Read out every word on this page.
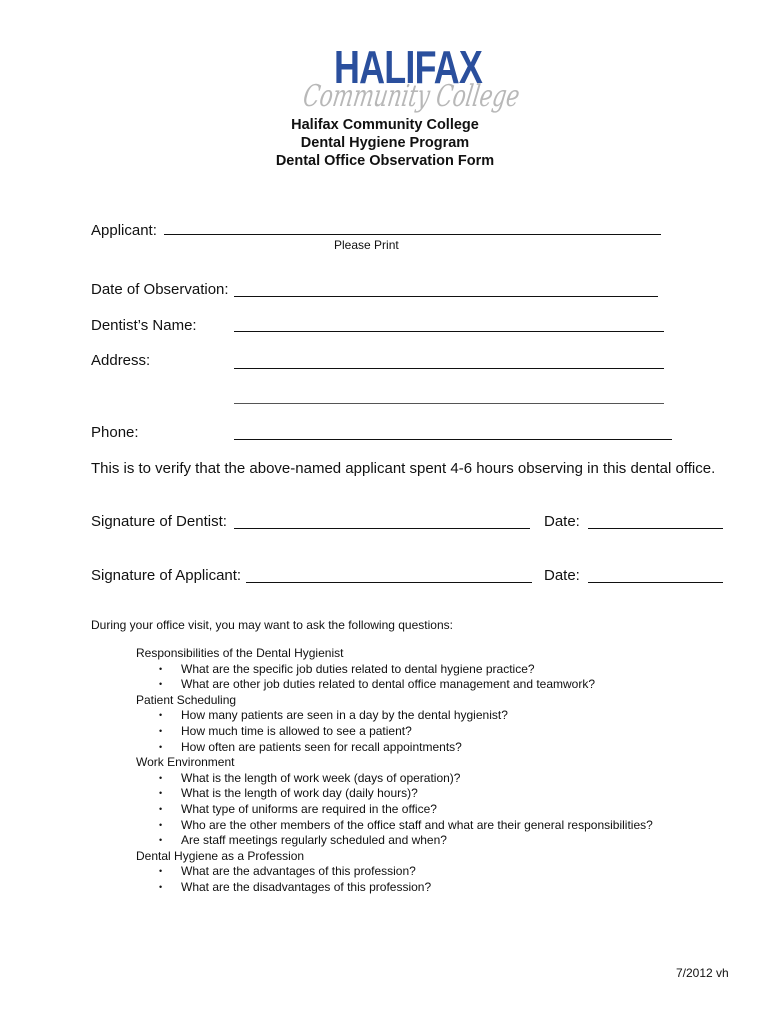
HALIFAX
Community College
Halifax Community College
Dental Hygiene Program
Dental Office Observation Form
Applicant:
Please Print
Date of Observation:
Dentist’s Name:
Address:
Phone:
This is to verify that the above-named applicant spent 4-6 hours observing in this dental office.
Signature of Dentist:	Date:
Signature of Applicant:	Date:
During your office visit, you may want to ask the following questions:
Responsibilities of the Dental Hygienist
• What are the specific job duties related to dental hygiene practice?
• What are other job duties related to dental office management and teamwork?
Patient Scheduling
• How many patients are seen in a day by the dental hygienist?
• How much time is allowed to see a patient?
• How often are patients seen for recall appointments?
Work Environment
• What is the length of work week (days of operation)?
• What is the length of work day (daily hours)?
• What type of uniforms are required in the office?
• Who are the other members of the office staff and what are their general responsibilities?
• Are staff meetings regularly scheduled and when?
Dental Hygiene as a Profession
• What are the advantages of this profession?
• What are the disadvantages of this profession?
7/2012 vh
